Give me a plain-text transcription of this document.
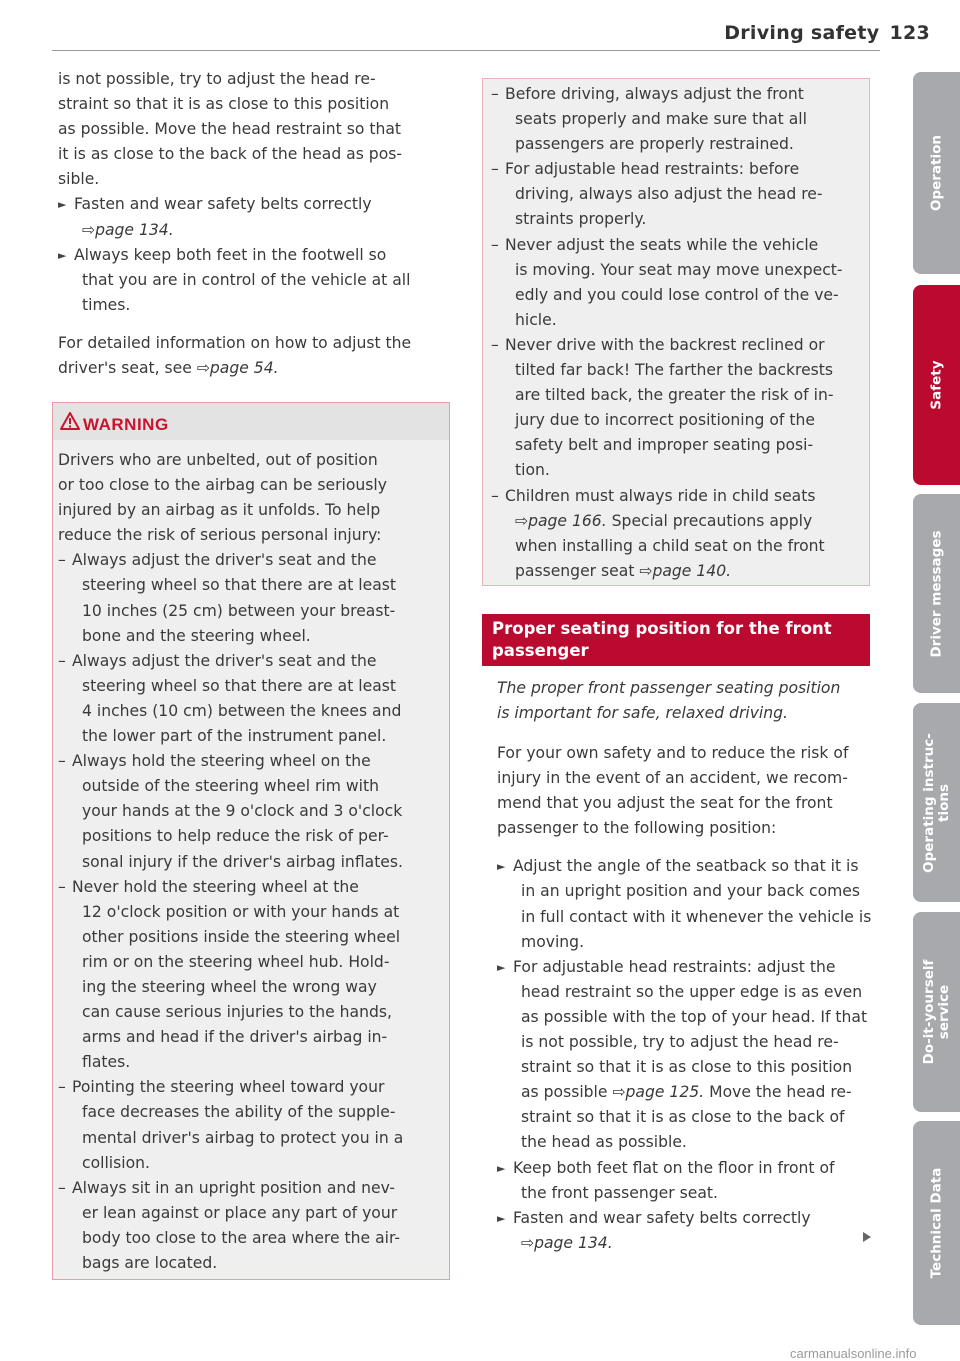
Driving safety 123
is not possible, try to adjust the head re-
straint so that it is as close to this position
as possible. Move the head restraint so that
it is as close to the back of the head as pos-
sible.
► Fasten and wear safety belts correctly
⇨page 134.
► Always keep both feet in the footwell so
that you are in control of the vehicle at all
times.
For detailed information on how to adjust the
driver's seat, see ⇨page 54.
WARNING
Drivers who are unbelted, out of position
or too close to the airbag can be seriously
injured by an airbag as it unfolds. To help
reduce the risk of serious personal injury:
– Always adjust the driver's seat and the
steering wheel so that there are at least
10 inches (25 cm) between your breast-
bone and the steering wheel.
– Always adjust the driver's seat and the
steering wheel so that there are at least
4 inches (10 cm) between the knees and
the lower part of the instrument panel.
– Always hold the steering wheel on the
outside of the steering wheel rim with
your hands at the 9 o'clock and 3 o'clock
positions to help reduce the risk of per-
sonal injury if the driver's airbag inflates.
– Never hold the steering wheel at the
12 o'clock position or with your hands at
other positions inside the steering wheel
rim or on the steering wheel hub. Hold-
ing the steering wheel the wrong way
can cause serious injuries to the hands,
arms and head if the driver's airbag in-
flates.
– Pointing the steering wheel toward your
face decreases the ability of the supple-
mental driver's airbag to protect you in a
collision.
– Always sit in an upright position and nev-
er lean against or place any part of your
body too close to the area where the air-
bags are located.
– Before driving, always adjust the front
seats properly and make sure that all
passengers are properly restrained.
– For adjustable head restraints: before
driving, always also adjust the head re-
straints properly.
– Never adjust the seats while the vehicle
is moving. Your seat may move unexpect-
edly and you could lose control of the ve-
hicle.
– Never drive with the backrest reclined or
tilted far back! The farther the backrests
are tilted back, the greater the risk of in-
jury due to incorrect positioning of the
safety belt and improper seating posi-
tion.
– Children must always ride in child seats
⇨page 166. Special precautions apply
when installing a child seat on the front
passenger seat ⇨page 140.
Proper seating position for the front
passenger
The proper front passenger seating position
is important for safe, relaxed driving.
For your own safety and to reduce the risk of
injury in the event of an accident, we recom-
mend that you adjust the seat for the front
passenger to the following position:
► Adjust the angle of the seatback so that it is
in an upright position and your back comes
in full contact with it whenever the vehicle is
moving.
► For adjustable head restraints: adjust the
head restraint so the upper edge is as even
as possible with the top of your head. If that
is not possible, try to adjust the head re-
straint so that it is as close to this position
as possible ⇨page 125. Move the head re-
straint so that it is as close to the back of
the head as possible.
► Keep both feet flat on the floor in front of
the front passenger seat.
► Fasten and wear safety belts correctly
⇨page 134.
Operation
Safety
Driver messages
Operating instruc-
tions
Do-it-yourself
service
Technical Data
carmanualsonline.info
